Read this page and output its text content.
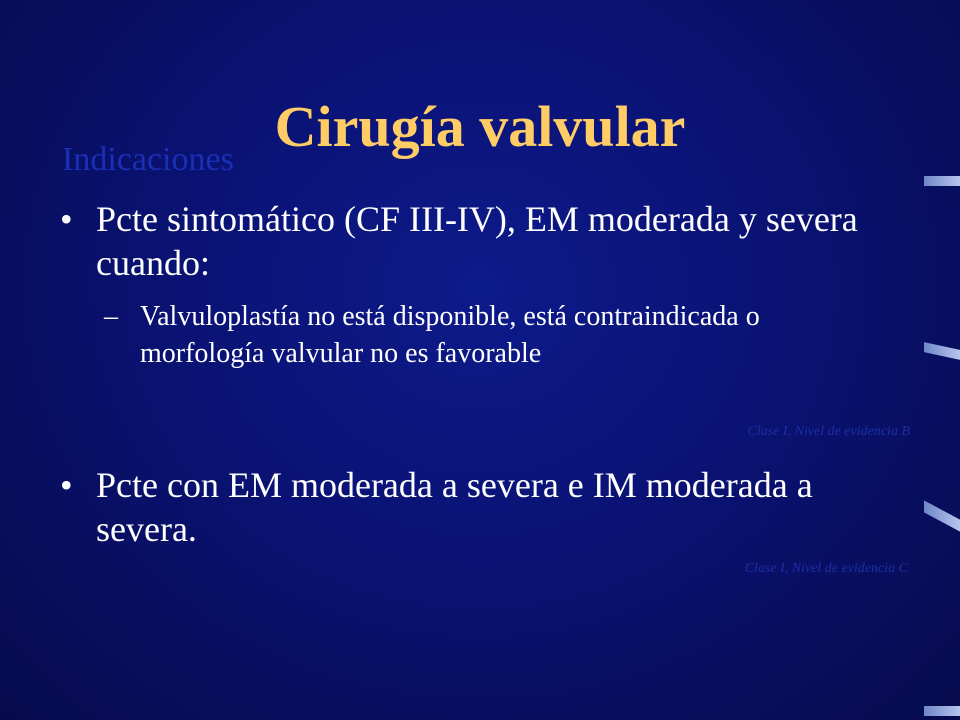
Indicaciones
Cirugía valvular
• Pcte sintomático (CF III-IV), EM moderada y severa cuando:
– Valvuloplastía no está disponible, está contraindicada o morfología valvular no es favorable
Clase I, Nivel de evidencia B
• Pcte con EM moderada a severa e IM moderada a severa.
Clase I, Nivel de evidencia C
